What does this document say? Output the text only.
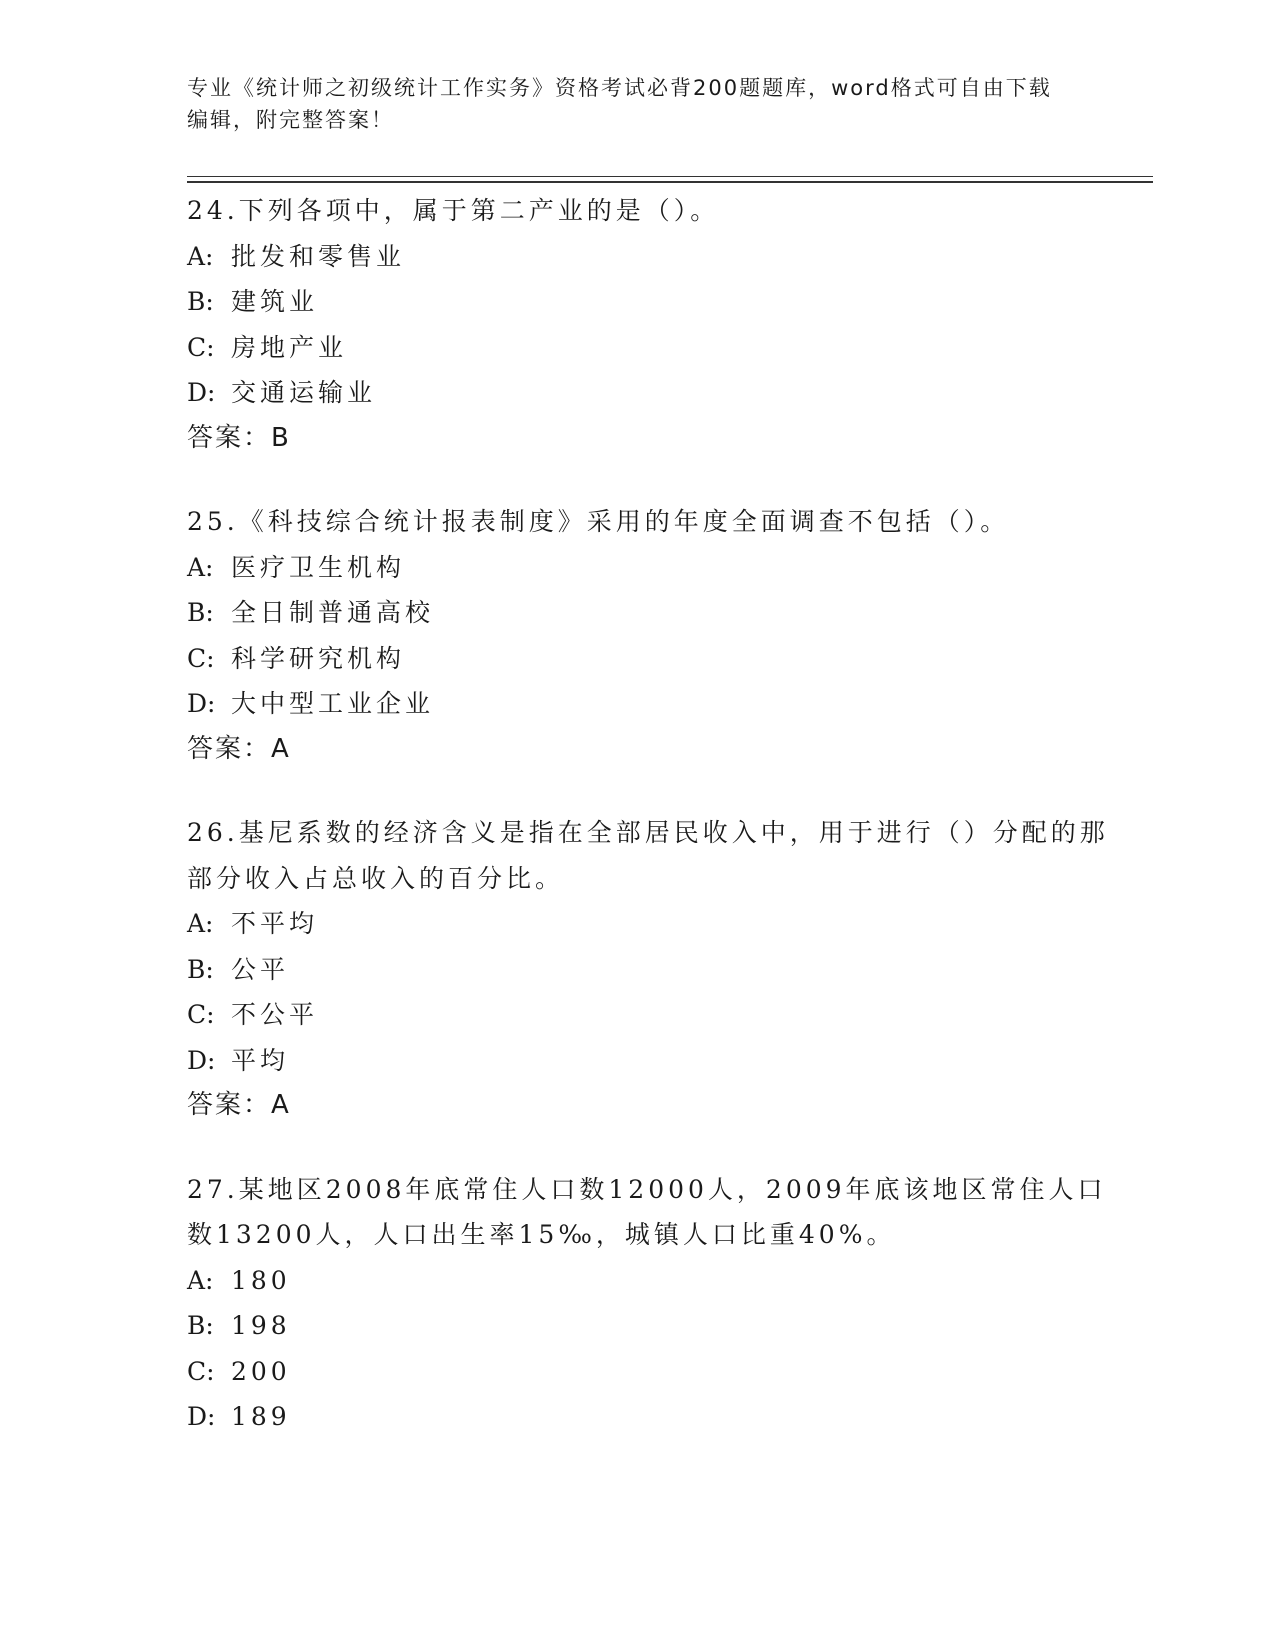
专业《统计师之初级统计工作实务》资格考试必背200题题库，word格式可自由下载编辑，附完整答案！

24.下列各项中，属于第二产业的是（）。

A: 批发和零售业

B: 建筑业

C: 房地产业

D: 交通运输业

答案：B

25.《科技综合统计报表制度》采用的年度全面调查不包括（）。

A: 医疗卫生机构

B: 全日制普通高校

C: 科学研究机构

D: 大中型工业企业

答案：A

26.基尼系数的经济含义是指在全部居民收入中，用于进行（）分配的那部分收入占总收入的百分比。

A: 不平均

B: 公平

C: 不公平

D: 平均

答案：A

27.某地区2008年底常住人口数12000人，2009年底该地区常住人口数13200人，人口出生率15‰，城镇人口比重40%。

A: 180

B: 198

C: 200

D: 189
